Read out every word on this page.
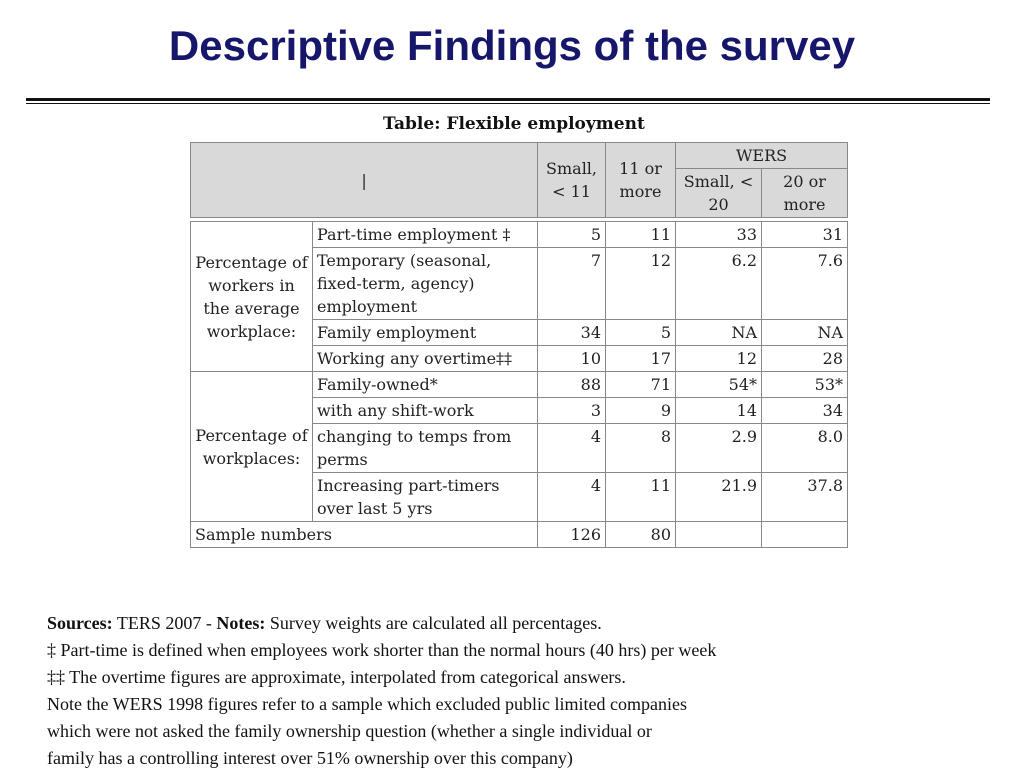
Descriptive Findings of the survey
Table: Flexible employment
|		Small, < 11	11 or more	WERS	
				Small, < 20	20 or more

Percentage of workers in the average workplace:	Part-time employment ‡	5	11	33	31
	Temporary (seasonal, fixed-term, agency) employment	7	12	6.2	7.6
	Family employment	34	5	NA	NA
	Working any overtime‡‡	10	17	12	28
Percentage of workplaces:	Family-owned*	88	71	54*	53*
	with any shift-work	3	9	14	34
	changing to temps from perms	4	8	2.9	8.0
	Increasing part-timers over last 5 yrs	4	11	21.9	37.8
Sample numbers		126	80		
Sources: TERS 2007 - Notes: Survey weights are calculated all percentages.
‡ Part-time is defined when employees work shorter than the normal hours (40 hrs) per week
‡‡ The overtime figures are approximate, interpolated from categorical answers.
Note the WERS 1998 figures refer to a sample which excluded public limited companies
which were not asked the family ownership question (whether a single individual or
family has a controlling interest over 51% ownership over this company)
